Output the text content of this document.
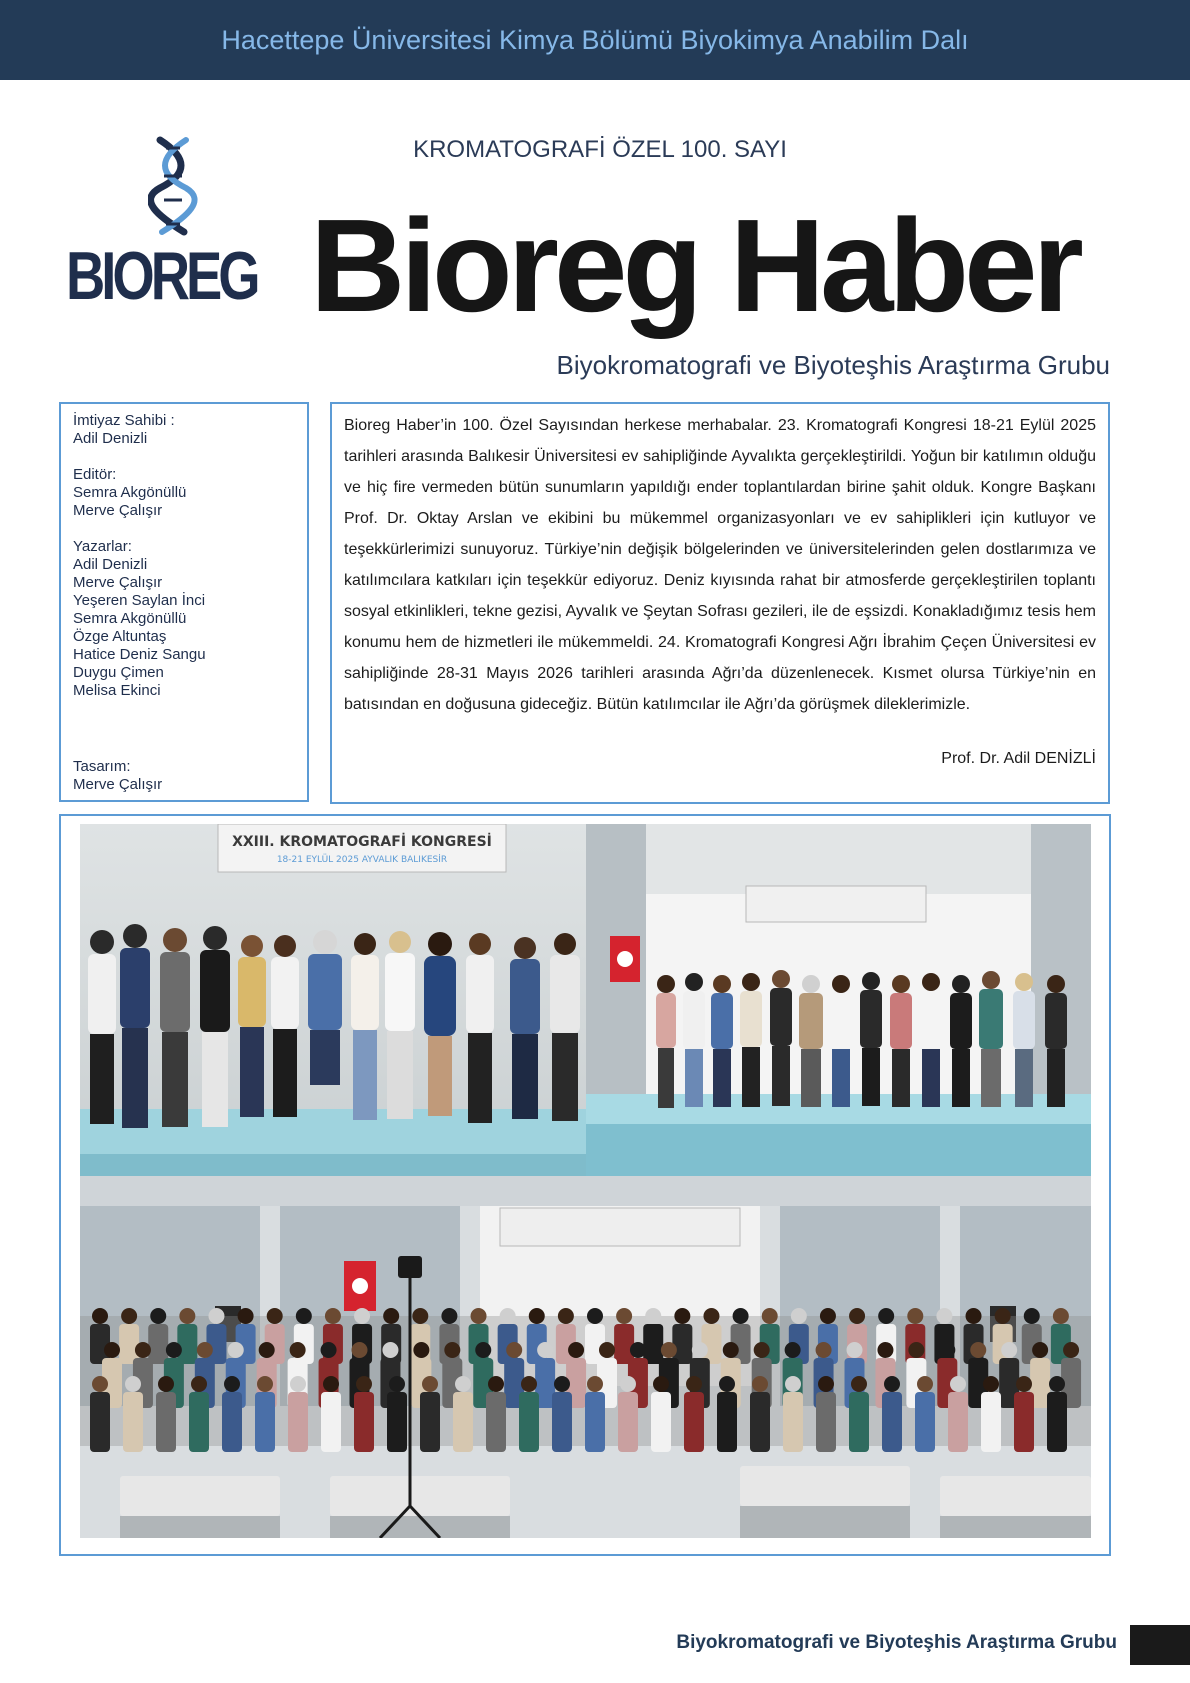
Hacettepe Üniversitesi Kimya Bölümü Biyokimya Anabilim Dalı
BIOREG
KROMATOGRAFİ ÖZEL 100. SAYI
Bioreg Haber
Biyokromatografi ve Biyoteşhis Araştırma Grubu
İmtiyaz Sahibi :
Adil Denizli
Editör:
Semra Akgönüllü
Merve Çalışır
Yazarlar:
Adil Denizli
Merve Çalışır
Yeşeren Saylan İnci
Semra Akgönüllü
Özge Altuntaş
Hatice Deniz Sangu
Duygu Çimen
Melisa Ekinci
Tasarım:
Merve Çalışır

Bioreg Haber’in 100. Özel Sayısından herkese merhabalar. 23. Kromatografi Kongresi 18-21 Eylül 2025 tarihleri arasında Balıkesir Üniversitesi ev sahipliğinde Ayvalıkta gerçekleştirildi. Yoğun bir katılımın olduğu ve hiç fire vermeden bütün sunumların yapıldığı ender toplantılardan birine şahit olduk. Kongre Başkanı Prof. Dr. Oktay Arslan ve ekibini bu mükemmel organizasyonları ve ev sahiplikleri için kutluyor ve teşekkürlerimizi sunuyoruz. Türkiye’nin değişik bölgelerinden ve üniversitelerinden gelen dostlarımıza ve katılımcılara katkıları için teşekkür ediyoruz. Deniz kıyısında rahat bir atmosferde gerçekleştirilen toplantı sosyal etkinlikleri, tekne gezisi, Ayvalık ve Şeytan Sofrası gezileri, ile de eşsizdi. Konakladığımız tesis hem konumu hem de hizmetleri ile mükemmeldi. 24. Kromatografi Kongresi Ağrı İbrahim Çeçen Üniversitesi ev sahipliğinde 28-31 Mayıs 2026 tarihleri arasında Ağrı’da düzenlenecek. Kısmet olursa Türkiye’nin en batısından en doğusuna gideceğiz. Bütün katılımcılar ile Ağrı’da görüşmek dileklerimizle.

Prof. Dr. Adil DENİZLİ
XXIII. KROMATOGRAFİ KONGRESİ
18-21 EYLÜL 2025 AYVALIK BALIKESİR
Biyokromatografi ve Biyoteşhis Araştırma Grubu
